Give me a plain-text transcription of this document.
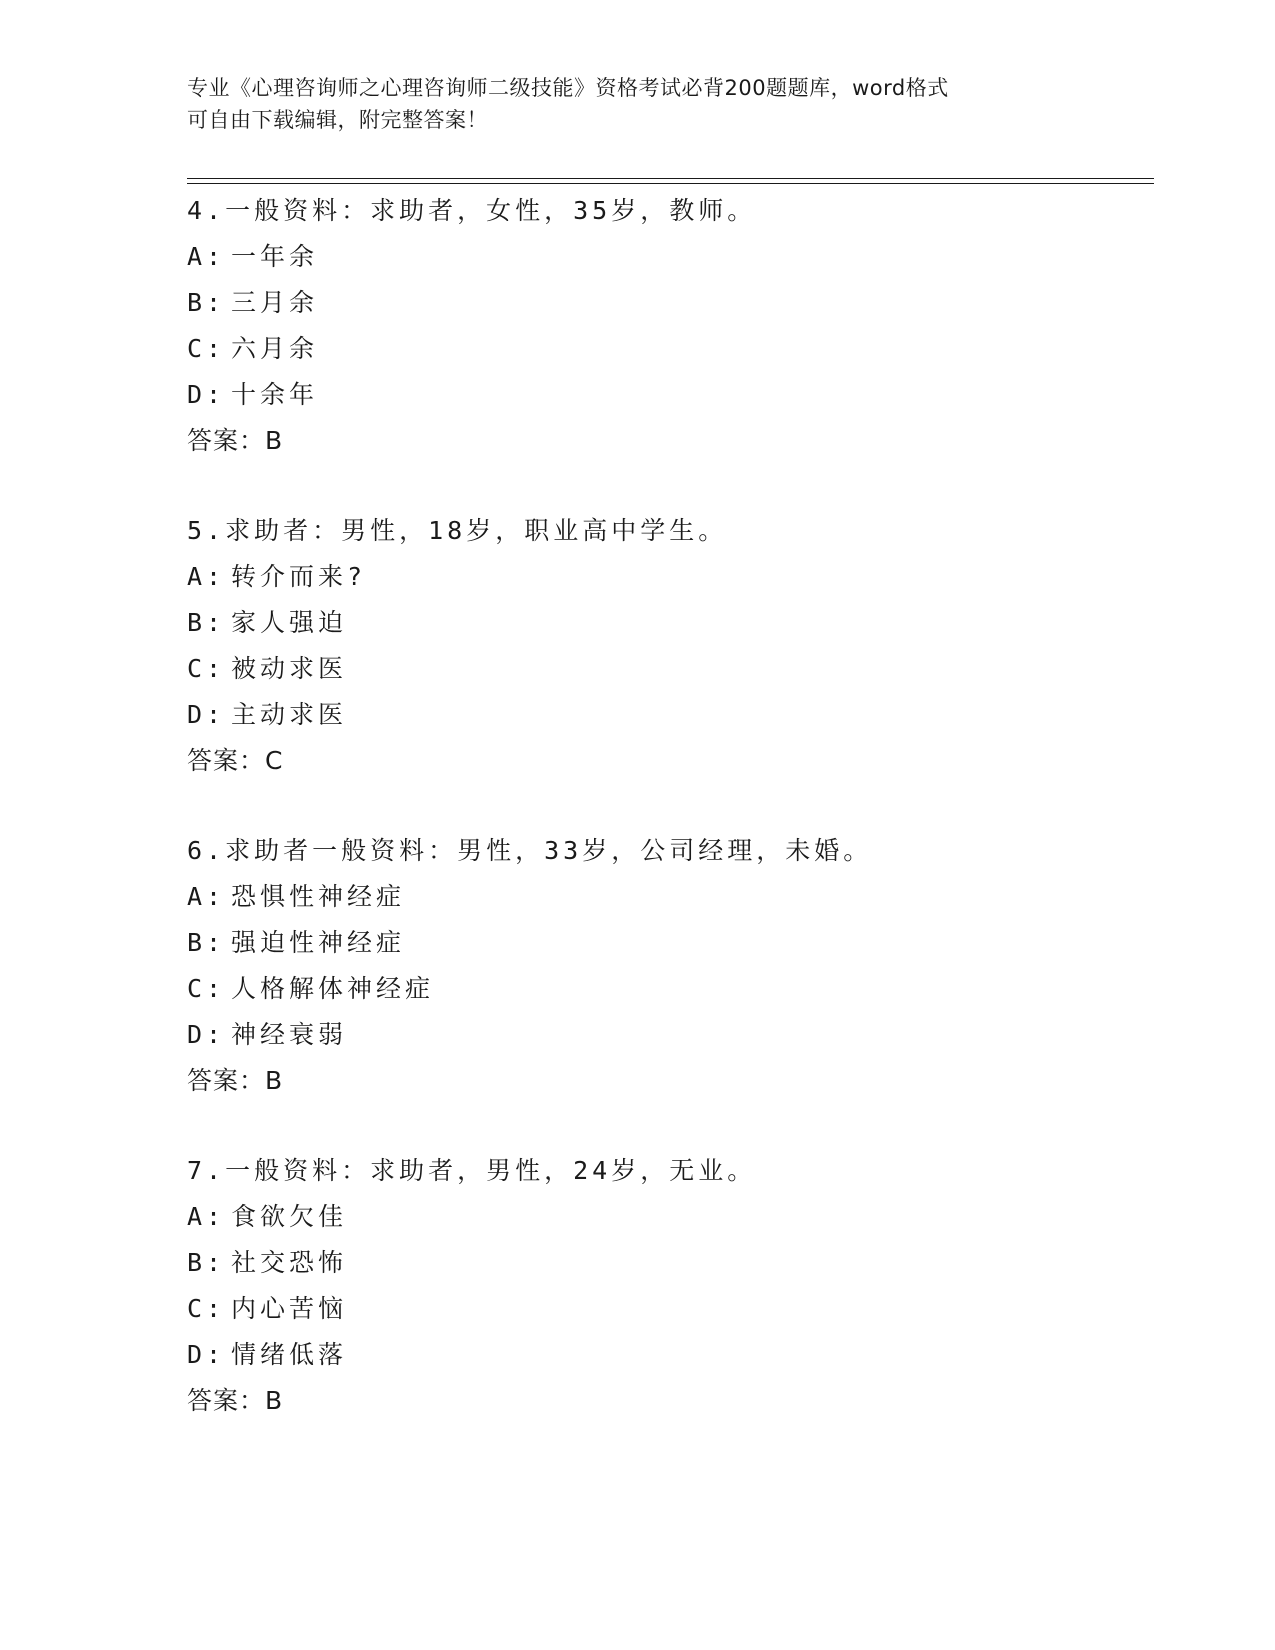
专业《心理咨询师之心理咨询师二级技能》资格考试必背200题题库，word格式
可自由下载编辑，附完整答案！
4.一般资料：求助者，女性，35岁，教师。
A: 一年余
B: 三月余
C: 六月余
D: 十余年
答案：B
5.求助者：男性，18岁，职业高中学生。
A: 转介而来?
B: 家人强迫
C: 被动求医
D: 主动求医
答案：C
6.求助者一般资料：男性，33岁，公司经理，未婚。
A: 恐惧性神经症
B: 强迫性神经症
C: 人格解体神经症
D: 神经衰弱
答案：B
7.一般资料：求助者，男性，24岁，无业。
A: 食欲欠佳
B: 社交恐怖
C: 内心苦恼
D: 情绪低落
答案：B
